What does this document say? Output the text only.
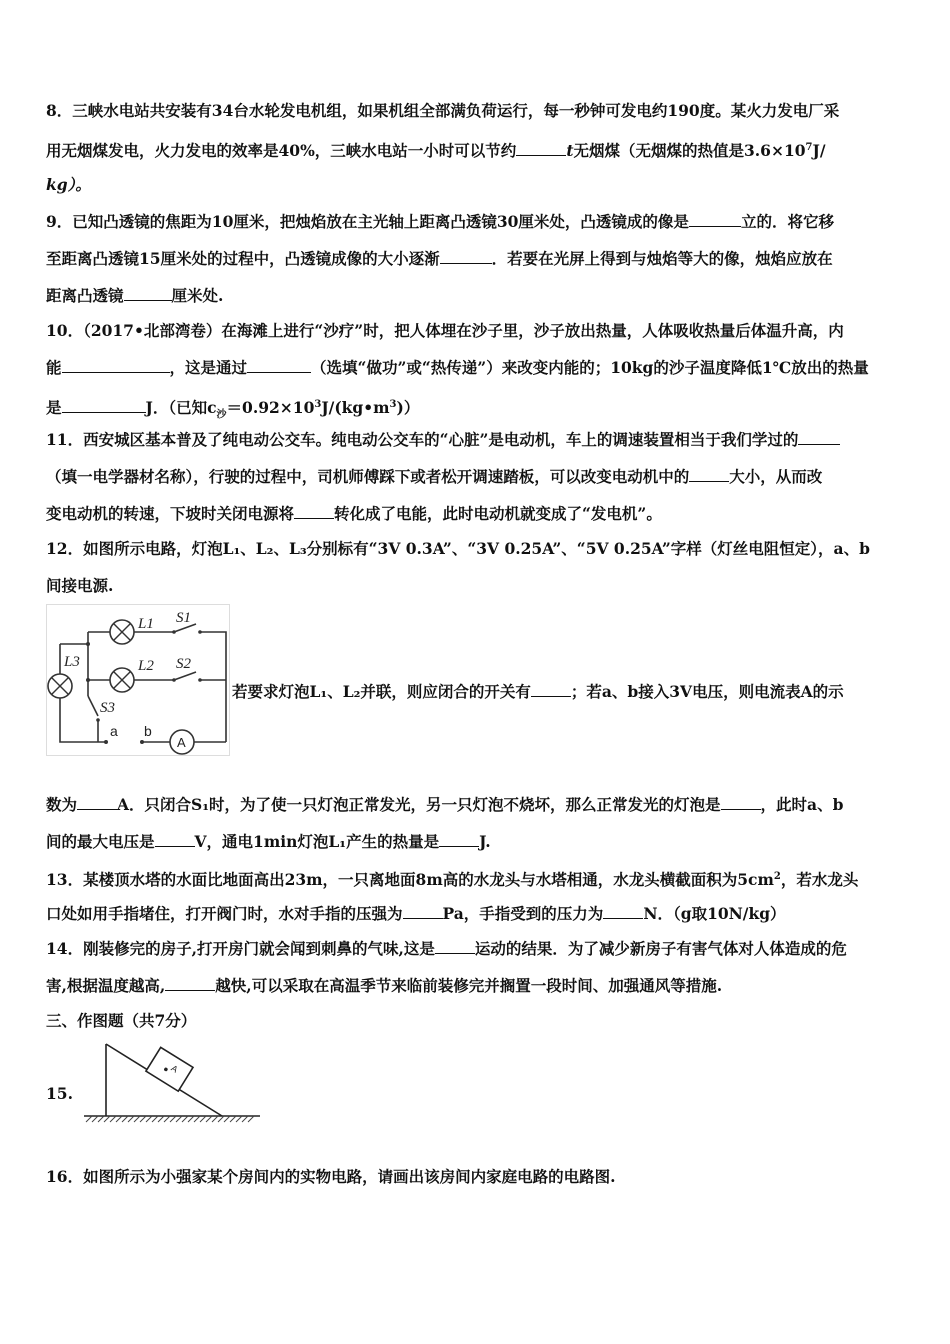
8．三峡水电站共安装有34台水轮发电机组，如果机组全部满负荷运行，每一秒钟可发电约190度。某火力发电厂采
用无烟煤发电，火力发电的效率是40%，三峡水电站一小时可以节约	t无烟煤（无烟煤的热值是$3.6\times 10^7J/$
kg）。
9．已知凸透镜的焦距为10厘米，把烛焰放在主光轴上距离凸透镜30厘米处，凸透镜成的像是	立的．将它移
至距离凸透镜15厘米处的过程中，凸透镜成像的大小逐渐	．若要在光屏上得到与烛焰等大的像，烛焰应放在
距离凸透镜	厘米处.
10．（2017•北部湾卷）在海滩上进行“沙疗”时，把人体埋在沙子里，沙子放出热量，人体吸收热量后体温升高，内
能	，这是通过	（选填“做功”或“热传递”）来改变内能的；10kg的沙子温度降低1℃放出的热量
是	J．（已知$c_沙=0.92\times 10^3J/(kg•m^3)$）
11．西安城区基本普及了纯电动公交车。纯电动公交车的“心脏”是电动机，车上的调速装置相当于我们学过的
（填一电学器材名称），行驶的过程中，司机师傅踩下或者松开调速踏板，可以改变电动机中的	大小，从而改
变电动机的转速，下坡时关闭电源将	转化成了电能，此时电动机就变成了“发电机”。
12．如图所示电路，灯泡L₁、L₂、L₃分别标有“3V 0.3A”、“3V 0.25A”、“5V 0.25A”字样（灯丝电阻恒定），a、b
间接电源.
L1
L2
L3
S1
S2
S3
a b
A
若要求灯泡L₁、L₂并联，则应闭合的开关有	；若a、b接入3V电压，则电流表A的示
数为	A．只闭合S₁时，为了使一只灯泡正常发光，另一只灯泡不烧坏，那么正常发光的灯泡是	，此时a、b
间的最大电压是	V，通电1min灯泡L₁产生的热量是	J.
13．某楼顶水塔的水面比地面高出23m，一只离地面8m高的水龙头与水塔相通，水龙头横截面积为$5cm^2$，若水龙头
口处如用手指堵住，打开阀门时，水对手指的压强为	Pa，手指受到的压力为	N．（g取10N/kg）
14．刚装修完的房子,打开房门就会闻到刺鼻的气味,这是	运动的结果．为了减少新房子有害气体对人体造成的危
害,根据温度越高,	越快,可以采取在高温季节来临前装修完并搁置一段时间、加强通风等措施.
三、作图题（共7分）
15.
A
16．如图所示为小强家某个房间内的实物电路，请画出该房间内家庭电路的电路图.
